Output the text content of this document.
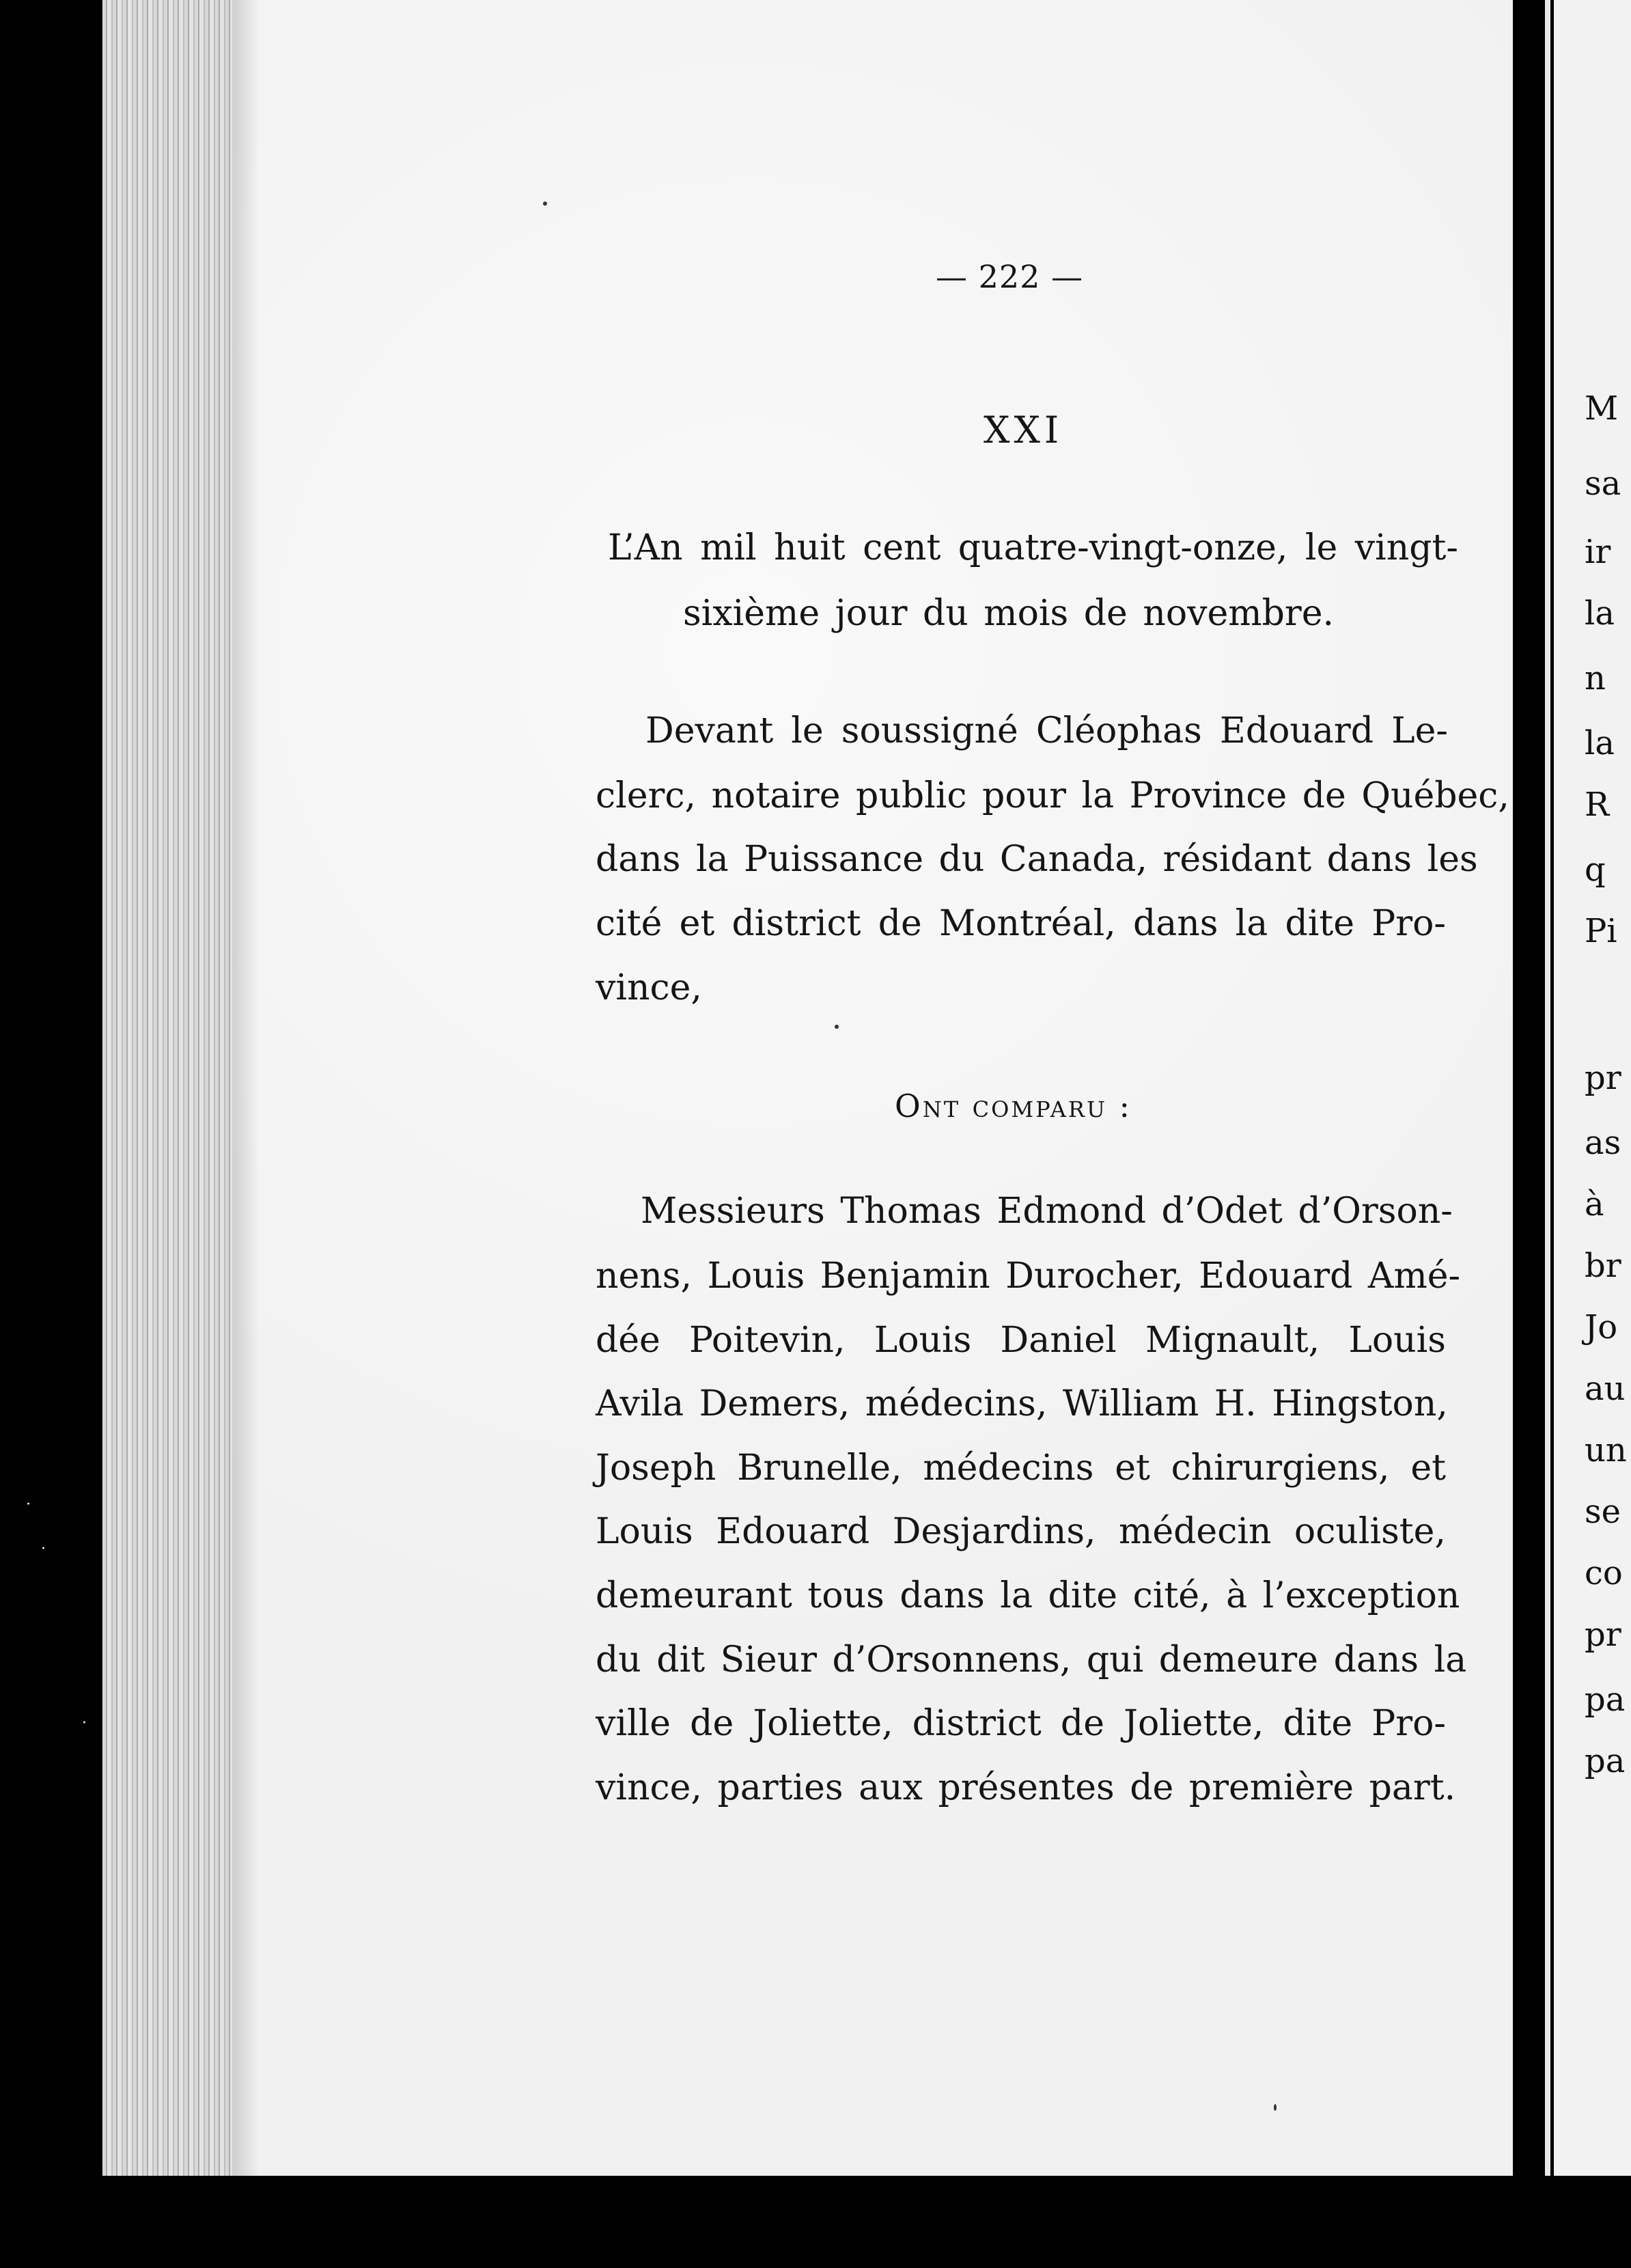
M
sa
ir
la
n
la
R
q
Pi
pr
as
à
br
Jo
au
un
se
co
pr
pa
pa
·
·
·
— 222 —
XXI
L’An mil huit cent quatre-vingt-onze, le vingt-
sixième jour du mois de novembre.
Devant le soussigné Cléophas Edouard Le-
clerc, notaire public pour la Province de Québec,
dans la Puissance du Canada, résidant dans les
cité et district de Montréal, dans la dite Pro-
vince,
Ont comparu :
Messieurs Thomas Edmond d’Odet d’Orson-
nens, Louis Benjamin Durocher, Edouard Amé-
dée Poitevin, Louis Daniel Mignault, Louis
Avila Demers, médecins, William H. Hingston,
Joseph Brunelle, médecins et chirurgiens, et
Louis Edouard Desjardins, médecin oculiste,
demeurant tous dans la dite cité, à l’exception
du dit Sieur d’Orsonnens, qui demeure dans la
ville de Joliette, district de Joliette, dite Pro-
vince, parties aux présentes de première part.
